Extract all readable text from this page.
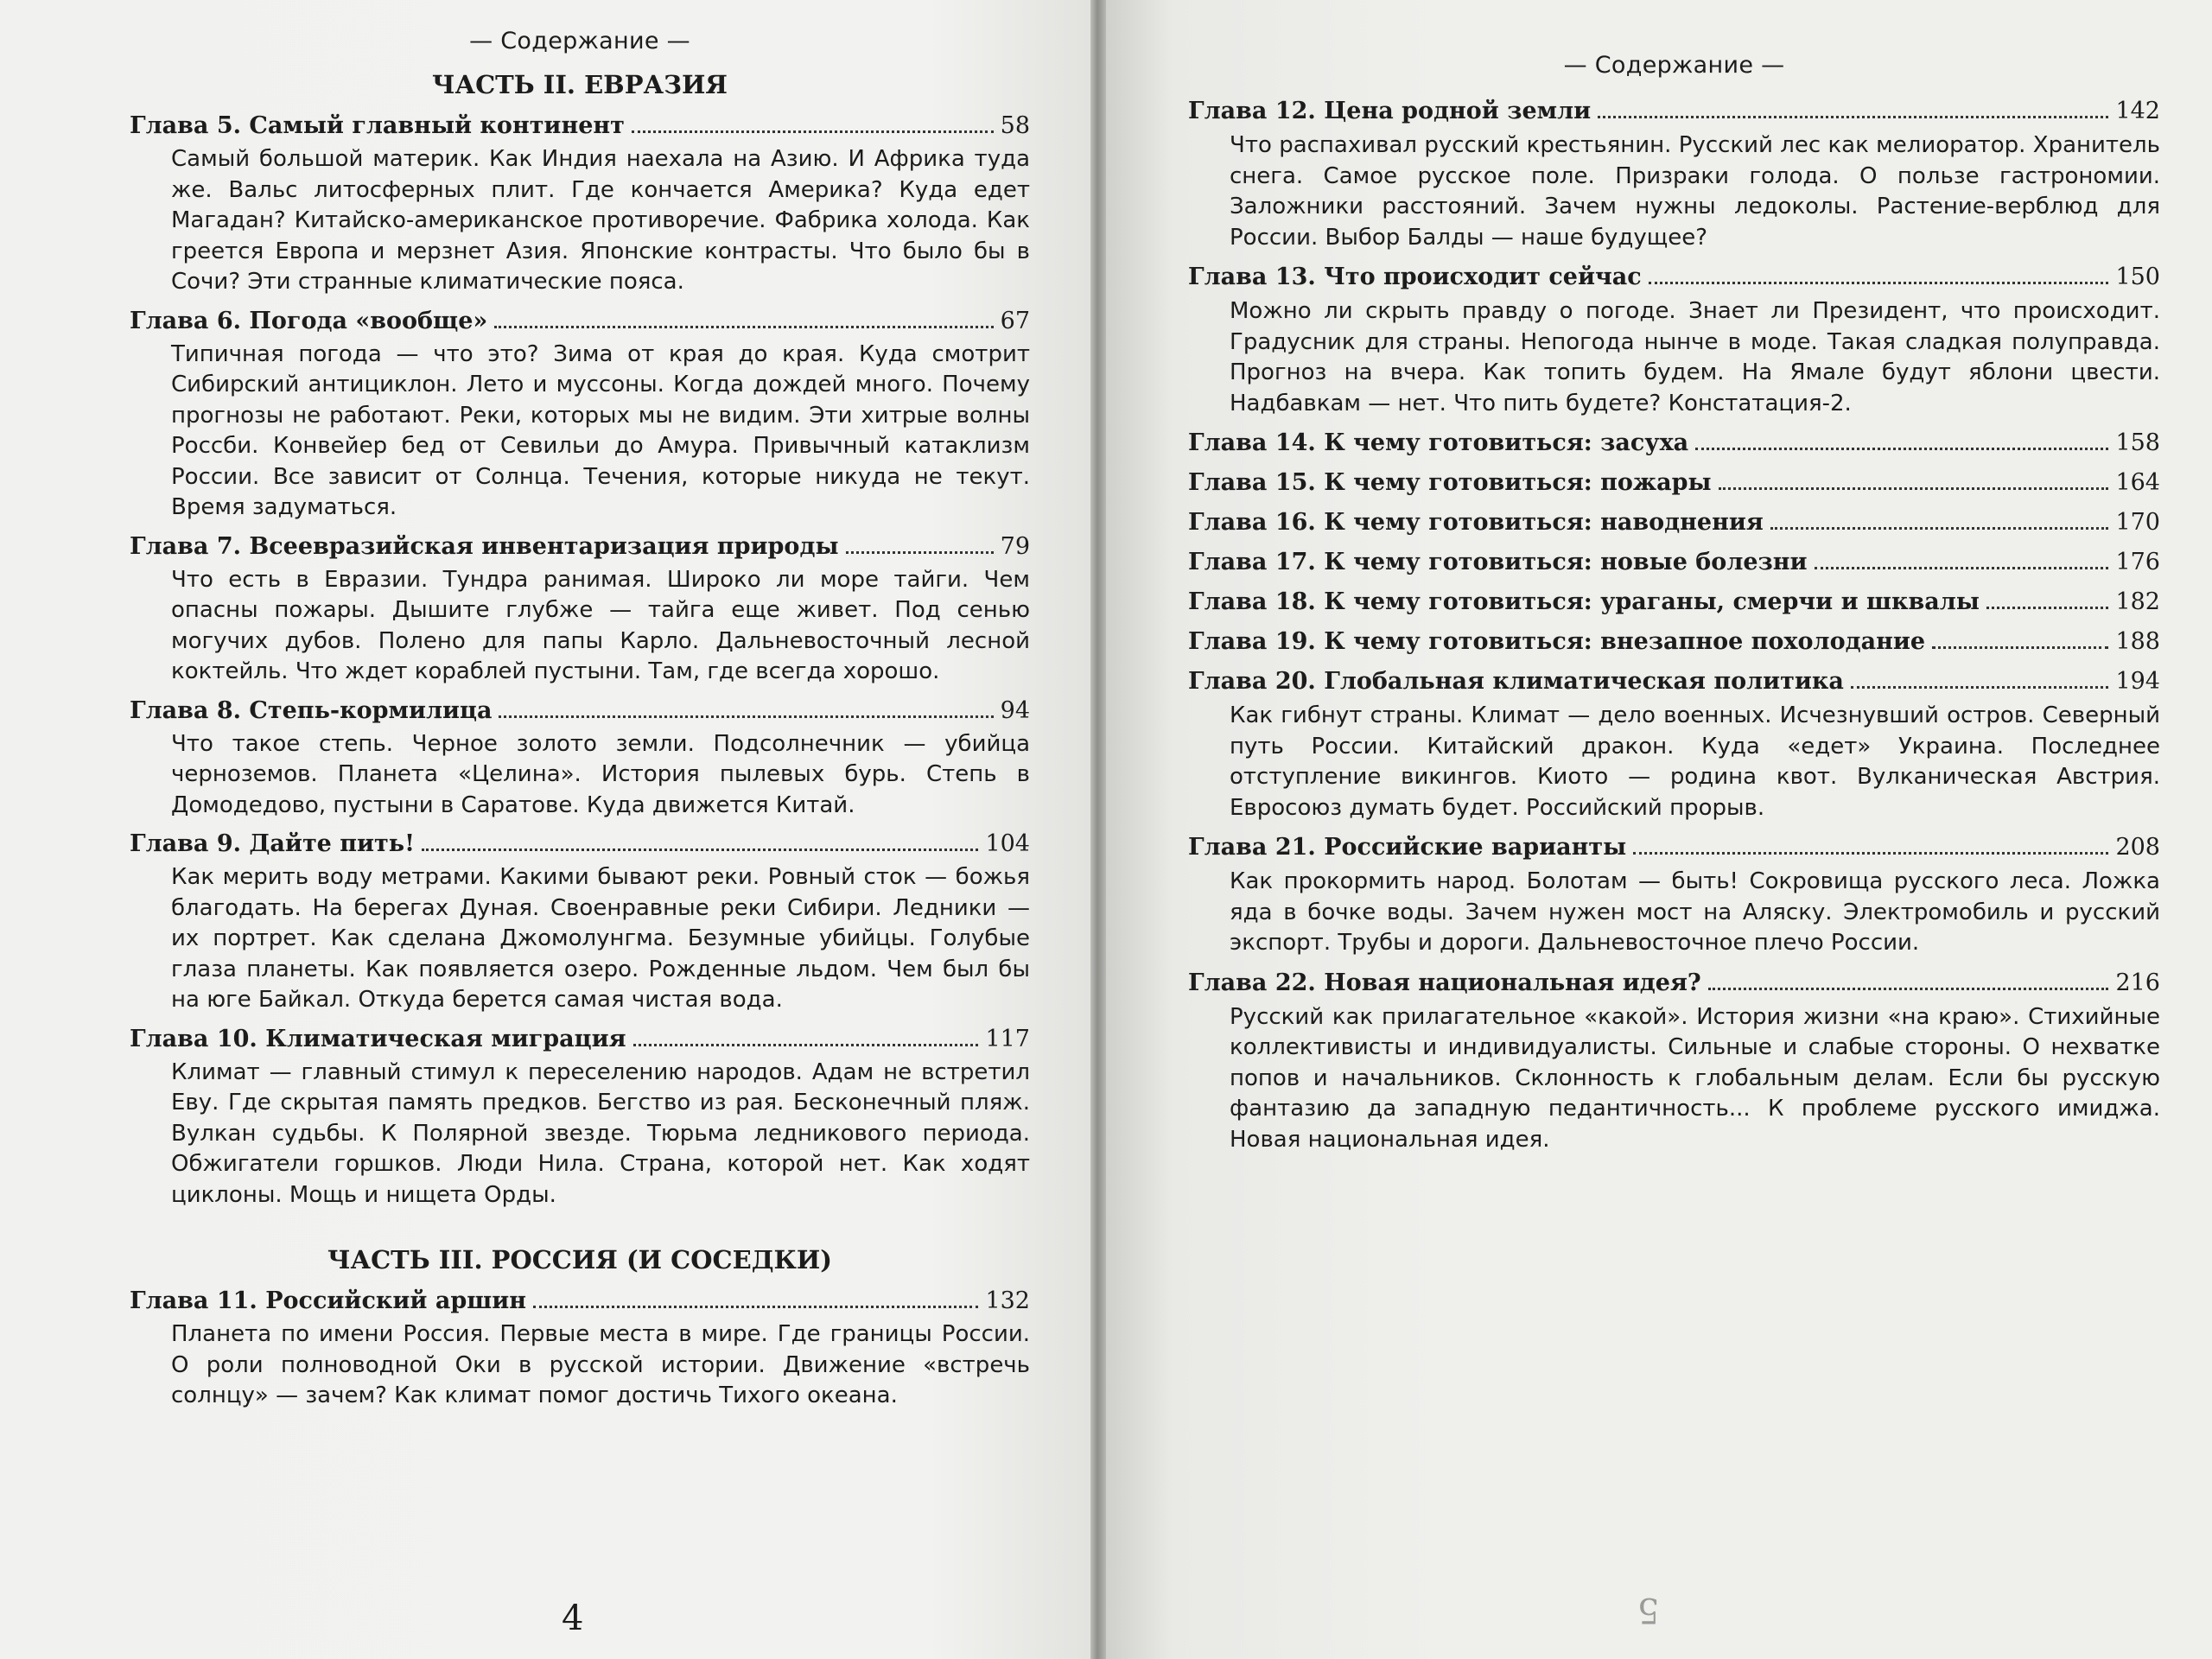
— Содержание —
ЧАСТЬ II. ЕВРАЗИЯ
Глава 5. Самый главный континент	58
Самый большой материк. Как Индия наехала на Азию. И Африка туда же. Вальс литосферных плит. Где кончается Америка? Куда едет Магадан? Китайско-американское противоречие. Фабрика холода. Как греется Европа и мерзнет Азия. Японские контрасты. Что было бы в Сочи? Эти странные климатические пояса.
Глава 6. Погода «вообще»	67
Типичная погода — что это? Зима от края до края. Куда смотрит Сибирский антициклон. Лето и муссоны. Когда дождей много. Почему прогнозы не работают. Реки, которых мы не видим. Эти хитрые волны Россби. Конвейер бед от Севильи до Амура. Привычный катаклизм России. Все зависит от Солнца. Течения, которые никуда не текут. Время задуматься.
Глава 7. Всеевразийская инвентаризация природы	79
Что есть в Евразии. Тундра ранимая. Широко ли море тайги. Чем опасны пожары. Дышите глубже — тайга еще живет. Под сенью могучих дубов. Полено для папы Карло. Дальневосточный лесной коктейль. Что ждет кораблей пустыни. Там, где всегда хорошо.
Глава 8. Степь-кормилица	94
Что такое степь. Черное золото земли. Подсолнечник — убийца черноземов. Планета «Целина». История пылевых бурь. Степь в Домодедово, пустыни в Саратове. Куда движется Китай.
Глава 9. Дайте пить!	104
Как мерить воду метрами. Какими бывают реки. Ровный сток — божья благодать. На берегах Дуная. Своенравные реки Сибири. Ледники — их портрет. Как сделана Джомолунгма. Безумные убийцы. Голубые глаза планеты. Как появляется озеро. Рожденные льдом. Чем был бы на юге Байкал. Откуда берется самая чистая вода.
Глава 10. Климатическая миграция	117
Климат — главный стимул к переселению народов. Адам не встретил Еву. Где скрытая память предков. Бегство из рая. Бесконечный пляж. Вулкан судьбы. К Полярной звезде. Тюрьма ледникового периода. Обжигатели горшков. Люди Нила. Страна, которой нет. Как ходят циклоны. Мощь и нищета Орды.
ЧАСТЬ III. РОССИЯ (И СОСЕДКИ)
Глава 11. Российский аршин	132
Планета по имени Россия. Первые места в мире. Где границы России. О роли полноводной Оки в русской истории. Движение «встречь солнцу» — зачем? Как климат помог достичь Тихого океана.
— Содержание —
Глава 12. Цена родной земли	142
Что распахивал русский крестьянин. Русский лес как мелиоратор. Хранитель снега. Самое русское поле. Призраки голода. О пользе гастрономии. Заложники расстояний. Зачем нужны ледоколы. Растение-верблюд для России. Выбор Балды — наше будущее?
Глава 13. Что происходит сейчас	150
Можно ли скрыть правду о погоде. Знает ли Президент, что происходит. Градусник для страны. Непогода нынче в моде. Такая сладкая полуправда. Прогноз на вчера. Как топить будем. На Ямале будут яблони цвести. Надбавкам — нет. Что пить будете? Констатация-2.
Глава 14. К чему готовиться: засуха	158
Глава 15. К чему готовиться: пожары	164
Глава 16. К чему готовиться: наводнения	170
Глава 17. К чему готовиться: новые болезни	176
Глава 18. К чему готовиться: ураганы, смерчи и шквалы	182
Глава 19. К чему готовиться: внезапное похолодание	188
Глава 20. Глобальная климатическая политика	194
Как гибнут страны. Климат — дело военных. Исчезнувший остров. Северный путь России. Китайский дракон. Куда «едет» Украина. Последнее отступление викингов. Киото — родина квот. Вулканическая Австрия. Евросоюз думать будет. Российский прорыв.
Глава 21. Российские варианты	208
Как прокормить народ. Болотам — быть! Сокровища русского леса. Ложка яда в бочке воды. Зачем нужен мост на Аляску. Электромобиль и русский экспорт. Трубы и дороги. Дальневосточное плечо России.
Глава 22. Новая национальная идея?	216
Русский как прилагательное «какой». История жизни «на краю». Стихийные коллективисты и индивидуалисты. Сильные и слабые стороны. О нехватке попов и начальников. Склонность к глобальным делам. Если бы русскую фантазию да западную педантичность... К проблеме русского имиджа. Новая национальная идея.
4	5
